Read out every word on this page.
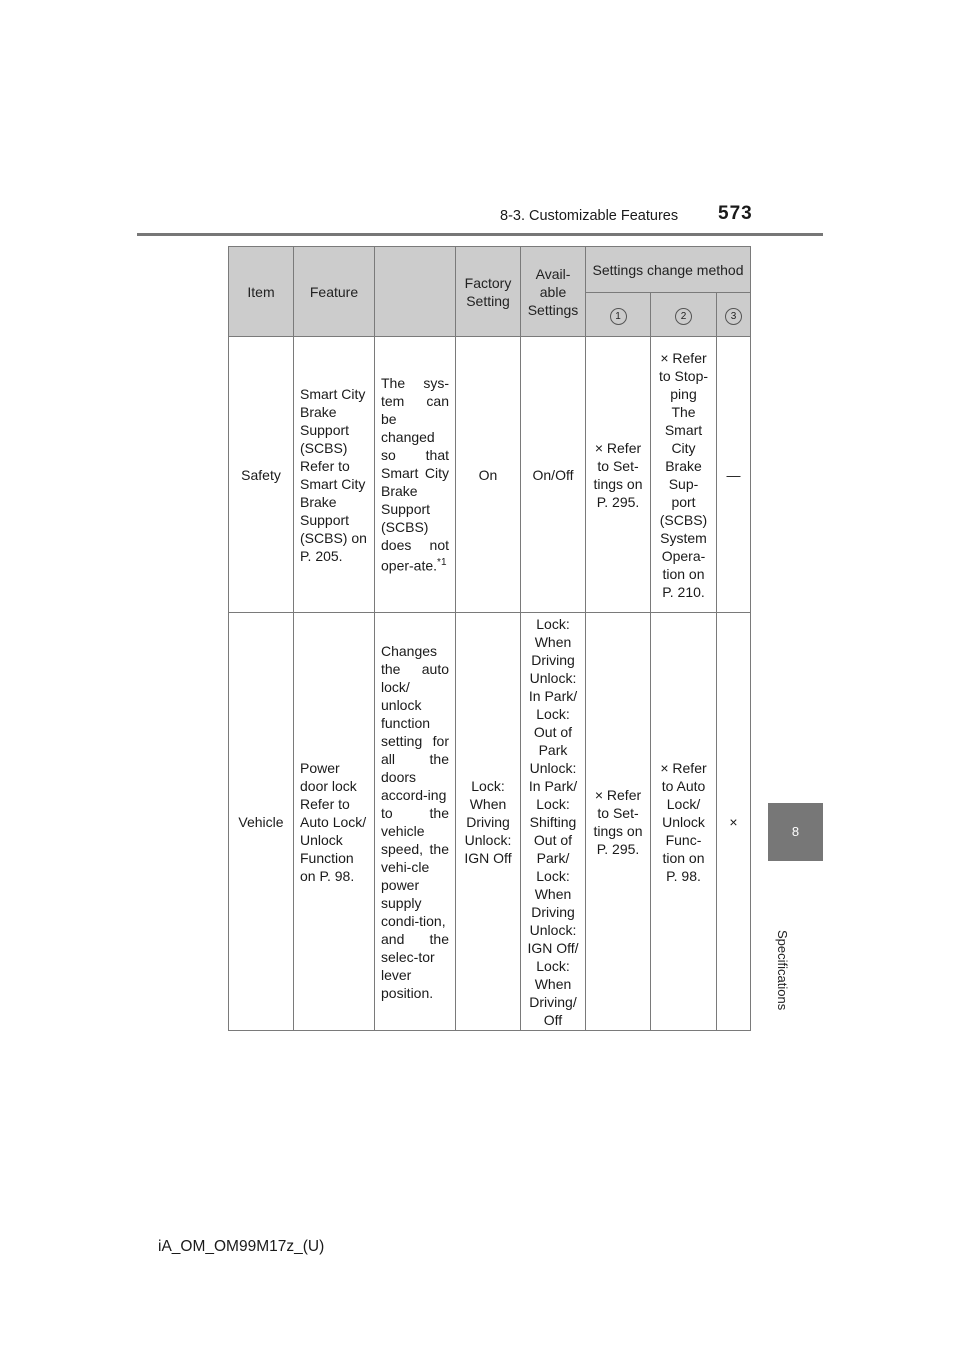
8-3. Customizable Features 573
8
Specifications
Item	Feature		Factory Setting	Avail-able Settings	Settings change method		
					1	2	3
Safety	Smart City Brake Support (SCBS) Refer to Smart City Brake Support (SCBS) on P. 205.	The sys-tem can be changed so that Smart City Brake Support (SCBS) does not oper-ate.$^{*1}$	On	On/Off	× Refer to Set-tings on P. 295.	× Refer to Stop-ping The Smart City Brake Sup-port (SCBS) System Opera-tion on P. 210.	—
Vehicle	Power door lock Refer to Auto Lock/ Unlock Function on P. 98.	Changes the auto lock/ unlock function setting for all the doors accord-ing to the vehicle speed, the vehi-cle power supply condi-tion, and the selec-tor lever position.	Lock: When Driving Unlock: IGN Off	Lock: When Driving Unlock: In Park/ Lock: Out of Park Unlock: In Park/ Lock: Shifting Out of Park/ Lock: When Driving Unlock: IGN Off/ Lock: When Driving/ Off	× Refer to Set-tings on P. 295.	× Refer to Auto Lock/ Unlock Func-tion on P. 98.	×
iA_OM_OM99M17z_(U)
